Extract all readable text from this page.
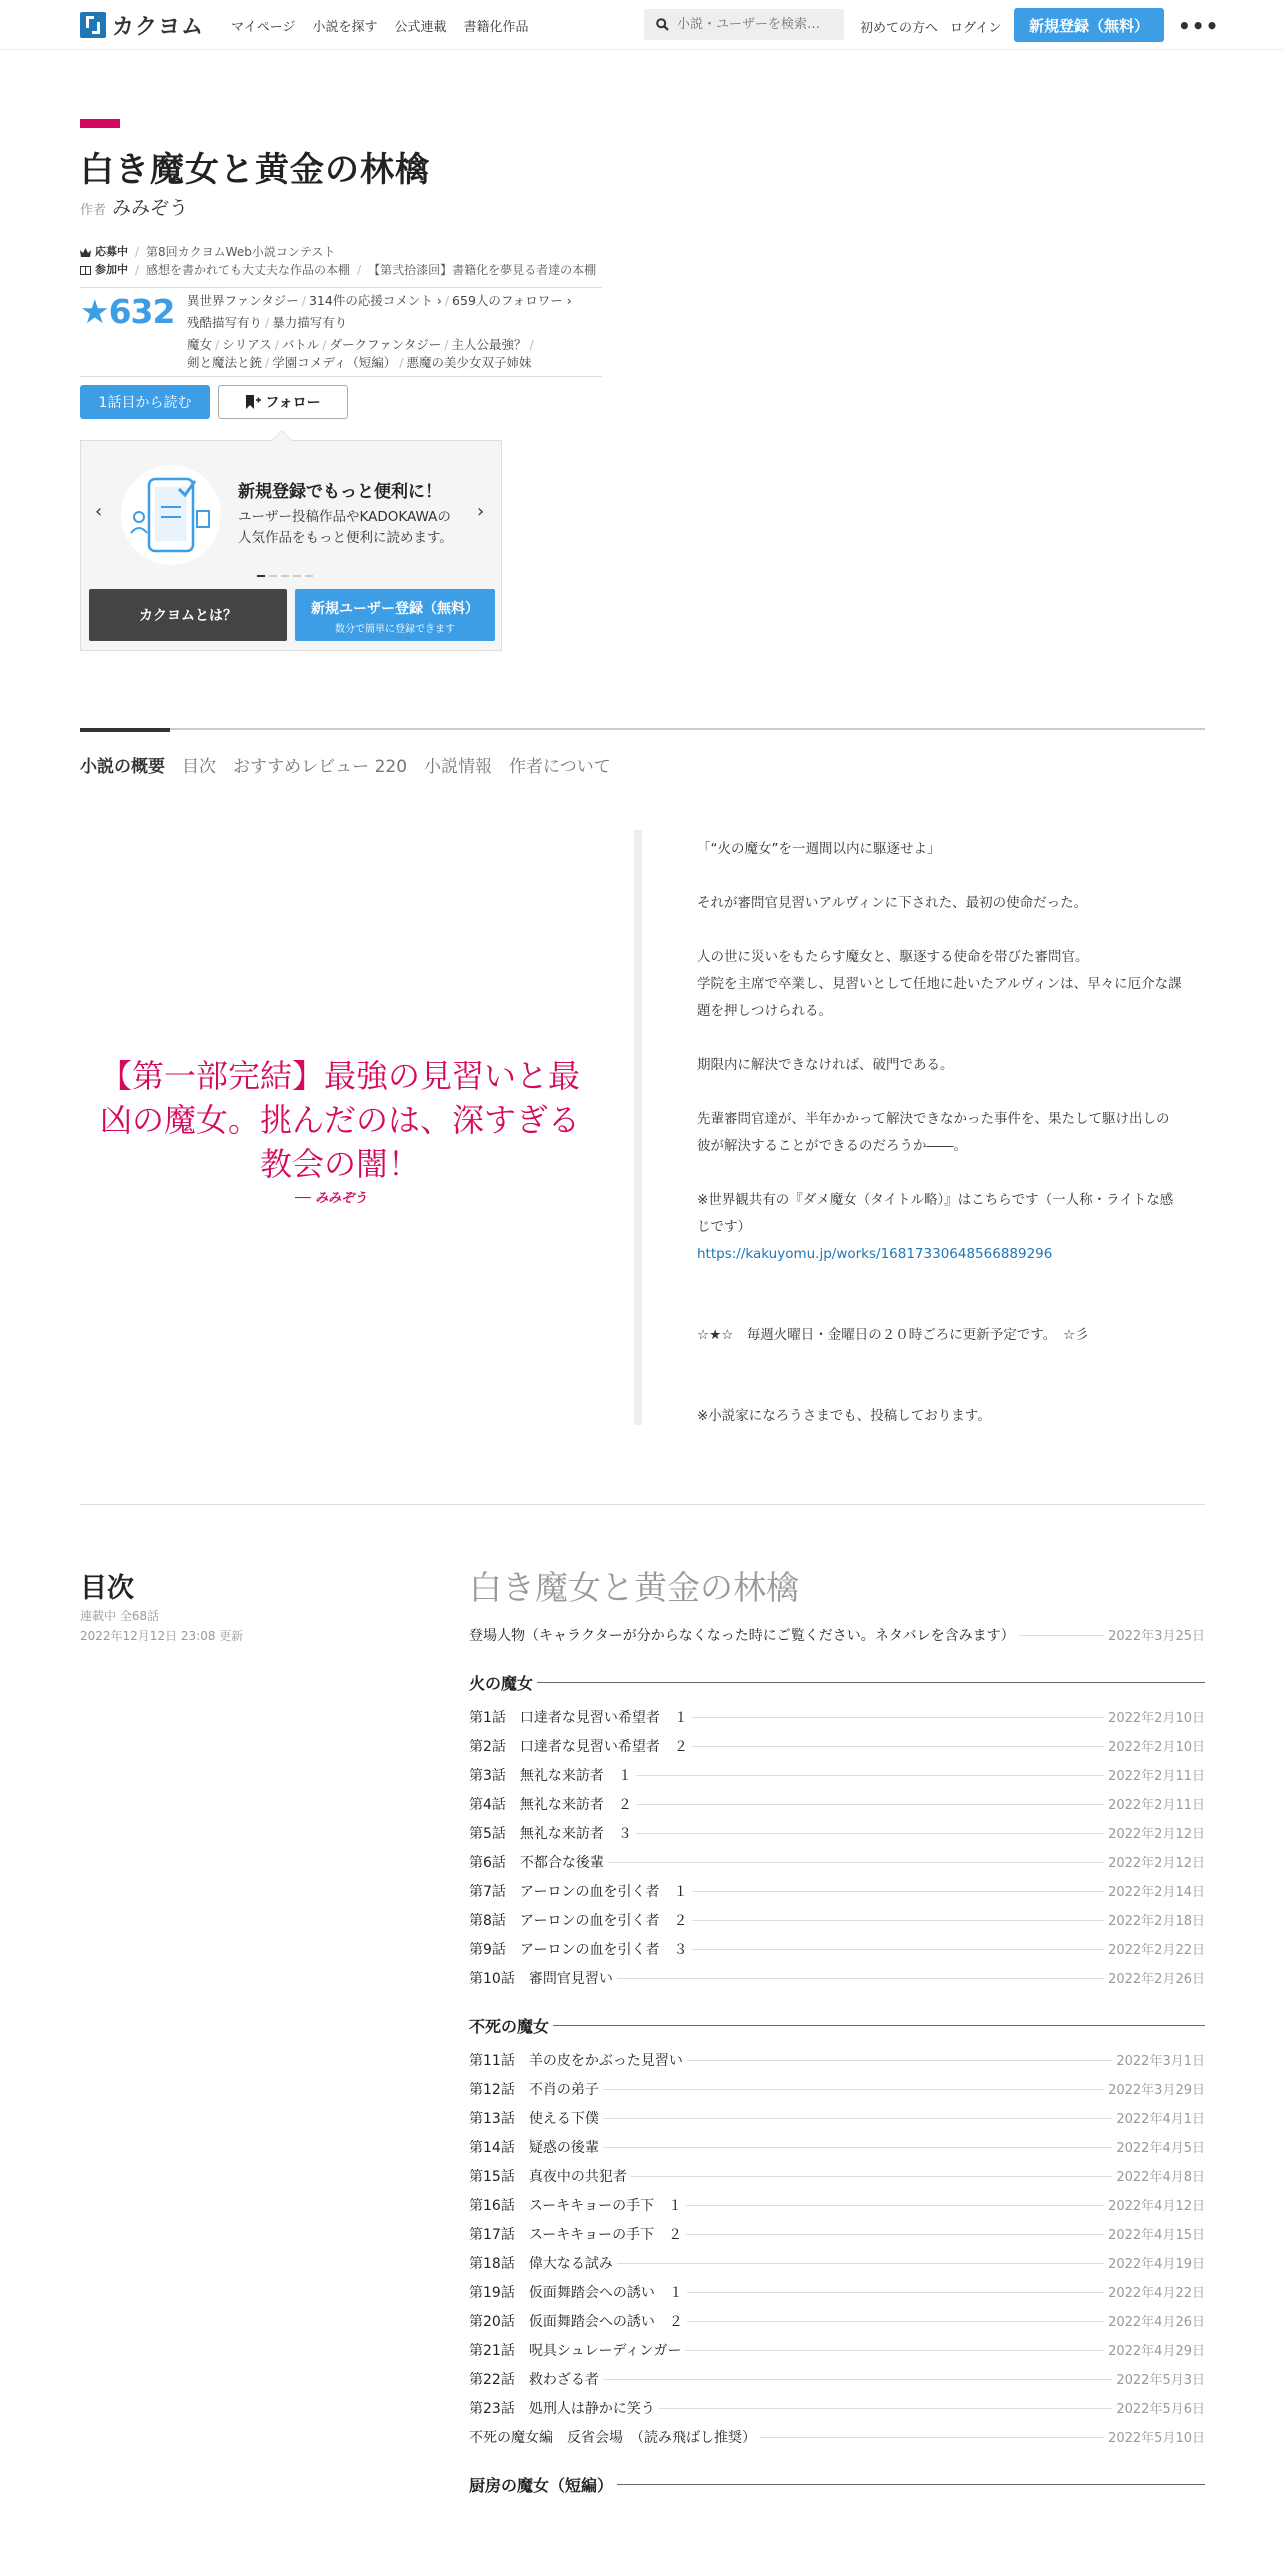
カクヨム マイページ 小説を探す 公式連載 書籍化作品
小説・ユーザーを検索…	初めての方へ ログイン	新規登録（無料）	•••
白き魔女と黄金の林檎
作者 みみぞう
応募中 / 第8回カクヨムWeb小説コンテスト
参加中 / 感想を書かれても大丈夫な作品の本棚 / 【第弐拾漆回】書籍化を夢見る者達の本棚
★632 異世界ファンタジー / 314件の応援コメント › / 659人のフォロワー ›
残酷描写有り / 暴力描写有り
魔女 / シリアス / バトル / ダークファンタジー / 主人公最強？ /
剣と魔法と銃 / 学園コメディ（短編） / 悪魔の美少女双子姉妹
1話目から読む	フォロー
‹	›
新規登録でもっと便利に！
ユーザー投稿作品やKADOKAWAの
人気作品をもっと便利に読めます。
カクヨムとは？	新規ユーザー登録（無料）
数分で簡単に登録できます
小説の概要 目次 おすすめレビュー 220 小説情報 作者について
【第一部完結】最強の見習いと最凶の魔女。挑んだのは、深すぎる教会の闇！
── みみぞう

「“火の魔女”を一週間以内に駆逐せよ」

それが審問官見習いアルヴィンに下された、最初の使命だった。

人の世に災いをもたらす魔女と、駆逐する使命を帯びた審問官。

学院を主席で卒業し、見習いとして任地に赴いたアルヴィンは、早々に厄介な課題を押しつけられる。

期限内に解決できなければ、破門である。

先輩審問官達が、半年かかって解決できなかった事件を、果たして駆け出しの彼が解決することができるのだろうか――。

※世界観共有の『ダメ魔女（タイトル略）』はこちらです（一人称・ライトな感じです）

https://kakuyomu.jp/works/16817330648566889296

☆★☆　毎週火曜日・金曜日の２０時ごろに更新予定です。　☆彡

※小説家になろうさまでも、投稿しております。

目次
連載中 全68話
2022年12月12日 23:08 更新
白き魔女と黄金の林檎
登場人物（キャラクターが分からなくなった時にご覧ください。ネタバレを含みます）	2022年3月25日
火の魔女
第1話　口達者な見習い希望者　１	2022年2月10日
第2話　口達者な見習い希望者　２	2022年2月10日
第3話　無礼な来訪者　１	2022年2月11日
第4話　無礼な来訪者　２	2022年2月11日
第5話　無礼な来訪者　３	2022年2月12日
第6話　不都合な後輩	2022年2月12日
第7話　アーロンの血を引く者　１	2022年2月14日
第8話　アーロンの血を引く者　２	2022年2月18日
第9話　アーロンの血を引く者　３	2022年2月22日
第10話　審問官見習い	2022年2月26日
不死の魔女
第11話　羊の皮をかぶった見習い	2022年3月1日
第12話　不肖の弟子	2022年3月29日
第13話　使える下僕	2022年4月1日
第14話　疑惑の後輩	2022年4月5日
第15話　真夜中の共犯者	2022年4月8日
第16話　スーキキョーの手下　１	2022年4月12日
第17話　スーキキョーの手下　２	2022年4月15日
第18話　偉大なる試み	2022年4月19日
第19話　仮面舞踏会への誘い　１	2022年4月22日
第20話　仮面舞踏会への誘い　２	2022年4月26日
第21話　呪具シュレーディンガー	2022年4月29日
第22話　救わざる者	2022年5月3日
第23話　処刑人は静かに笑う	2022年5月6日
不死の魔女編　反省会場　（読み飛ばし推奨）	2022年5月10日
厨房の魔女（短編）
